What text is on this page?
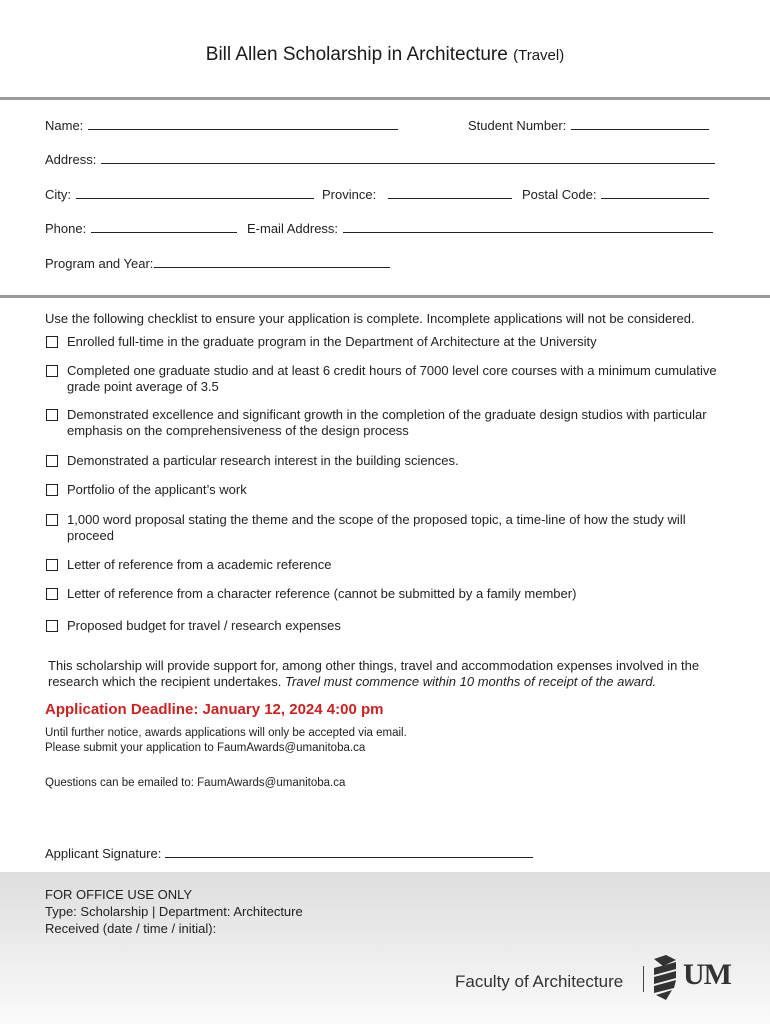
Bill Allen Scholarship in Architecture (Travel)
Name:	Student Number:
Address:
City:	Province:	Postal Code:
Phone:	E-mail Address:
Program and Year:
Use the following checklist to ensure your application is complete. Incomplete applications will not be considered.
Enrolled full-time in the graduate program in the Department of Architecture at the University
Completed one graduate studio and at least 6 credit hours of 7000 level core courses with a minimum cumulative grade point average of 3.5
Demonstrated excellence and significant growth in the completion of the graduate design studios with particular emphasis on the comprehensiveness of the design process
Demonstrated a particular research interest in the building sciences.
Portfolio of the applicant’s work
1,000 word proposal stating the theme and the scope of the proposed topic, a time-line of how the study will proceed
Letter of reference from a academic reference
Letter of reference from a character reference (cannot be submitted by a family member)
Proposed budget for travel / research expenses
This scholarship will provide support for, among other things, travel and accommodation expenses involved in the research which the recipient undertakes. Travel must commence within 10 months of receipt of the award.
Application Deadline: January 12, 2024 4:00 pm
Until further notice, awards applications will only be accepted via email.
Please submit your application to FaumAwards@umanitoba.ca
Questions can be emailed to: FaumAwards@umanitoba.ca
Applicant Signature:
FOR OFFICE USE ONLY
Type: Scholarship | Department: Architecture
Received (date / time / initial):
Faculty of Architecture UM
